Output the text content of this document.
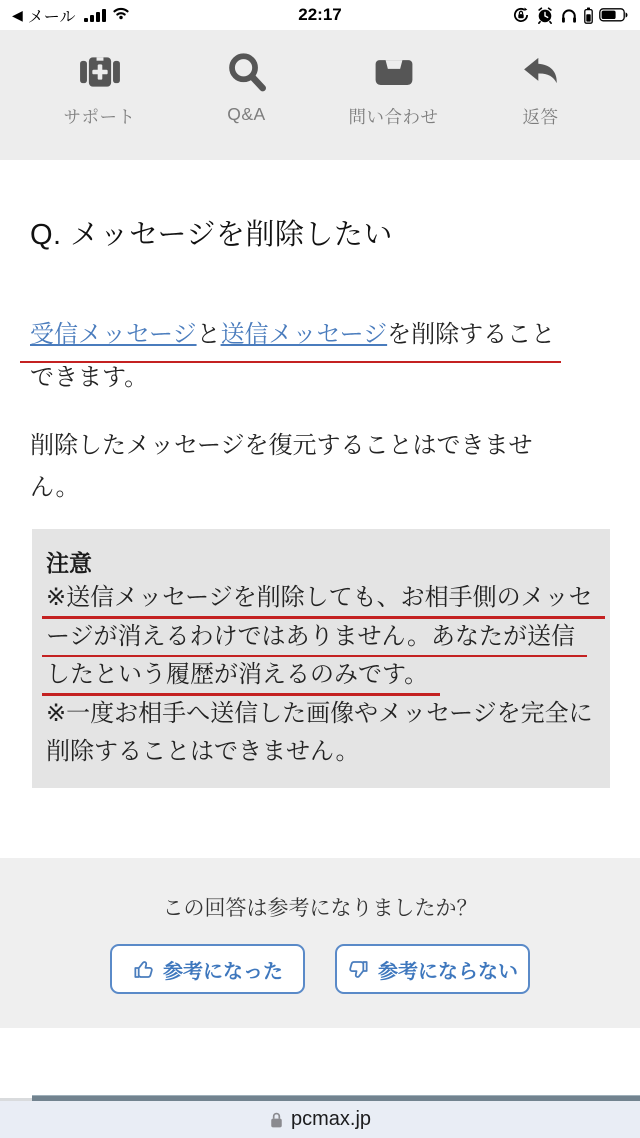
◀ メール	22:17
サポート	Q&A	問い合わせ	返答
Q. メッセージを削除したい
受信メッセージと送信メッセージを削除すること
できます。
削除したメッセージを復元することはできませ
ん。
注意
※送信メッセージを削除しても、お相手側のメッセ
ージが消えるわけではありません。あなたが送信
したという履歴が消えるのみです。
※一度お相手へ送信した画像やメッセージを完全に
削除することはできません。
この回答は参考になりましたか？
参考になった	参考にならない
pcmax.jp
